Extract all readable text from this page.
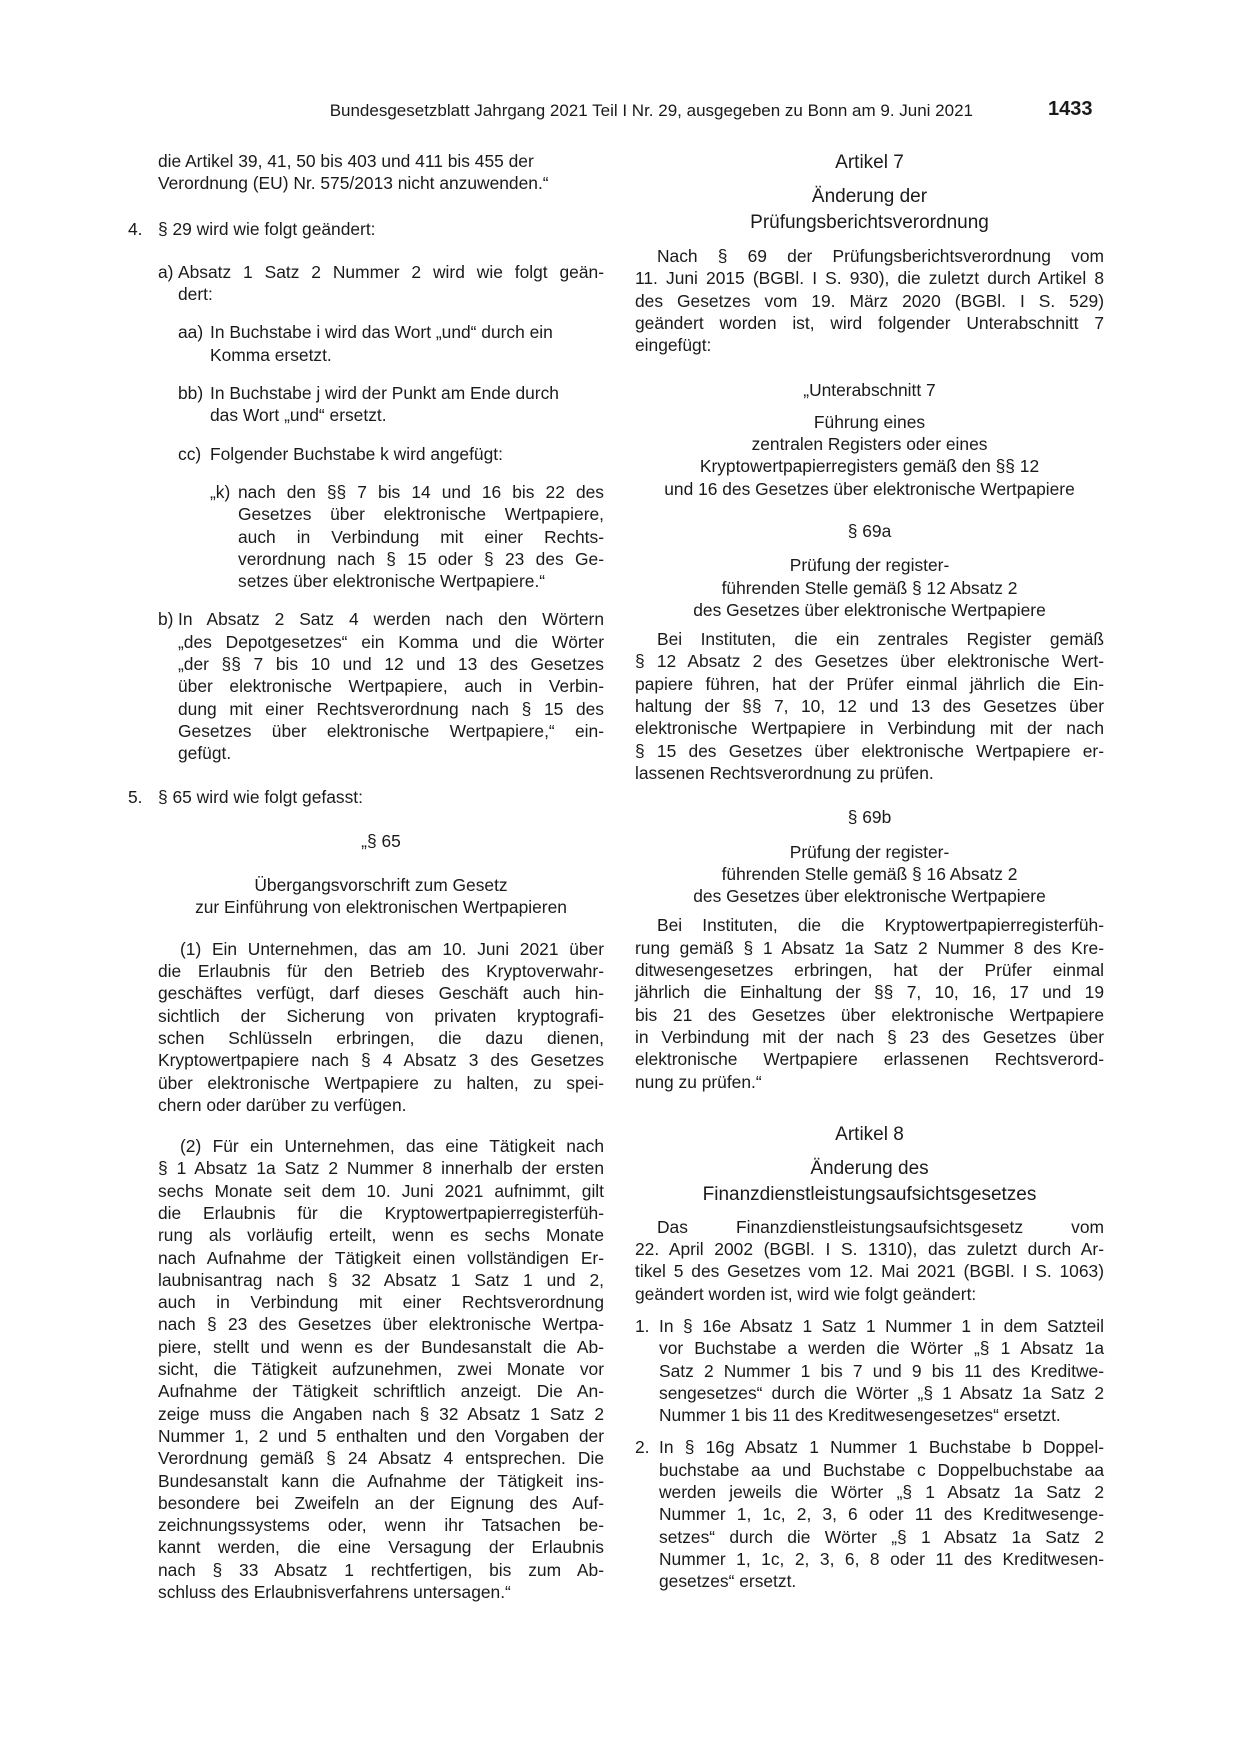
Bundesgesetzblatt Jahrgang 2021 Teil I Nr. 29, ausgegeben zu Bonn am 9. Juni 2021	1433

die Artikel 39, 41, 50 bis 403 und 411 bis 455 der

Verordnung (EU) Nr. 575/2013 nicht anzuwenden.“

4. § 29 wird wie folgt geändert:
a) Absatz 1 Satz 2 Nummer 2 wird wie folgt geän-
dert:
aa) In Buchstabe i wird das Wort „und“ durch ein
Komma ersetzt.
bb) In Buchstabe j wird der Punkt am Ende durch
das Wort „und“ ersetzt.
cc) Folgender Buchstabe k wird angefügt:
„k) nach den §§ 7 bis 14 und 16 bis 22 des
Gesetzes über elektronische Wertpapiere,
auch in Verbindung mit einer Rechts-
verordnung nach § 15 oder § 23 des Ge-
setzes über elektronische Wertpapiere.“
b) In Absatz 2 Satz 4 werden nach den Wörtern
„des Depotgesetzes“ ein Komma und die Wörter
„der §§ 7 bis 10 und 12 und 13 des Gesetzes
über elektronische Wertpapiere, auch in Verbin-
dung mit einer Rechtsverordnung nach § 15 des
Gesetzes über elektronische Wertpapiere,“ ein-
gefügt.
5. § 65 wird wie folgt gefasst:

„§ 65

Übergangsvorschrift zum Gesetz

zur Einführung von elektronischen Wertpapieren

(1) Ein Unternehmen, das am 10. Juni 2021 über

die Erlaubnis für den Betrieb des Kryptoverwahr-

geschäftes verfügt, darf dieses Geschäft auch hin-

sichtlich der Sicherung von privaten kryptografi-

schen Schlüsseln erbringen, die dazu dienen,

Kryptowertpapiere nach § 4 Absatz 3 des Gesetzes

über elektronische Wertpapiere zu halten, zu spei-

chern oder darüber zu verfügen.

(2) Für ein Unternehmen, das eine Tätigkeit nach

§ 1 Absatz 1a Satz 2 Nummer 8 innerhalb der ersten

sechs Monate seit dem 10. Juni 2021 aufnimmt, gilt

die Erlaubnis für die Kryptowertpapierregisterfüh-

rung als vorläufig erteilt, wenn es sechs Monate

nach Aufnahme der Tätigkeit einen vollständigen Er-

laubnisantrag nach § 32 Absatz 1 Satz 1 und 2,

auch in Verbindung mit einer Rechtsverordnung

nach § 23 des Gesetzes über elektronische Wertpa-

piere, stellt und wenn es der Bundesanstalt die Ab-

sicht, die Tätigkeit aufzunehmen, zwei Monate vor

Aufnahme der Tätigkeit schriftlich anzeigt. Die An-

zeige muss die Angaben nach § 32 Absatz 1 Satz 2

Nummer 1, 2 und 5 enthalten und den Vorgaben der

Verordnung gemäß § 24 Absatz 4 entsprechen. Die

Bundesanstalt kann die Aufnahme der Tätigkeit ins-

besondere bei Zweifeln an der Eignung des Auf-

zeichnungssystems oder, wenn ihr Tatsachen be-

kannt werden, die eine Versagung der Erlaubnis

nach § 33 Absatz 1 rechtfertigen, bis zum Ab-

schluss des Erlaubnisverfahrens untersagen.“

Artikel 7

Änderung der

Prüfungsberichtsverordnung

Nach § 69 der Prüfungsberichtsverordnung vom

11. Juni 2015 (BGBl. I S. 930), die zuletzt durch Artikel 8

des Gesetzes vom 19. März 2020 (BGBl. I S. 529)

geändert worden ist, wird folgender Unterabschnitt 7

eingefügt:

„Unterabschnitt 7

Führung eines

zentralen Registers oder eines

Kryptowertpapierregisters gemäß den §§ 12

und 16 des Gesetzes über elektronische Wertpapiere

§ 69a

Prüfung der register-

führenden Stelle gemäß § 12 Absatz 2

des Gesetzes über elektronische Wertpapiere

Bei Instituten, die ein zentrales Register gemäß

§ 12 Absatz 2 des Gesetzes über elektronische Wert-

papiere führen, hat der Prüfer einmal jährlich die Ein-

haltung der §§ 7, 10, 12 und 13 des Gesetzes über

elektronische Wertpapiere in Verbindung mit der nach

§ 15 des Gesetzes über elektronische Wertpapiere er-

lassenen Rechtsverordnung zu prüfen.

§ 69b

Prüfung der register-

führenden Stelle gemäß § 16 Absatz 2

des Gesetzes über elektronische Wertpapiere

Bei Instituten, die die Kryptowertpapierregisterfüh-

rung gemäß § 1 Absatz 1a Satz 2 Nummer 8 des Kre-

ditwesengesetzes erbringen, hat der Prüfer einmal

jährlich die Einhaltung der §§ 7, 10, 16, 17 und 19

bis 21 des Gesetzes über elektronische Wertpapiere

in Verbindung mit der nach § 23 des Gesetzes über

elektronische Wertpapiere erlassenen Rechtsverord-

nung zu prüfen.“

Artikel 8

Änderung des

Finanzdienstleistungsaufsichtsgesetzes

Das Finanzdienstleistungsaufsichtsgesetz vom

22. April 2002 (BGBl. I S. 1310), das zuletzt durch Ar-

tikel 5 des Gesetzes vom 12. Mai 2021 (BGBl. I S. 1063)

geändert worden ist, wird wie folgt geändert:

1. In § 16e Absatz 1 Satz 1 Nummer 1 in dem Satzteil
vor Buchstabe a werden die Wörter „§ 1 Absatz 1a
Satz 2 Nummer 1 bis 7 und 9 bis 11 des Kreditwe-
sengesetzes“ durch die Wörter „§ 1 Absatz 1a Satz 2
Nummer 1 bis 11 des Kreditwesengesetzes“ ersetzt.
2. In § 16g Absatz 1 Nummer 1 Buchstabe b Doppel-
buchstabe aa und Buchstabe c Doppelbuchstabe aa
werden jeweils die Wörter „§ 1 Absatz 1a Satz 2
Nummer 1, 1c, 2, 3, 6 oder 11 des Kreditwesenge-
setzes“ durch die Wörter „§ 1 Absatz 1a Satz 2
Nummer 1, 1c, 2, 3, 6, 8 oder 11 des Kreditwesen-
gesetzes“ ersetzt.
